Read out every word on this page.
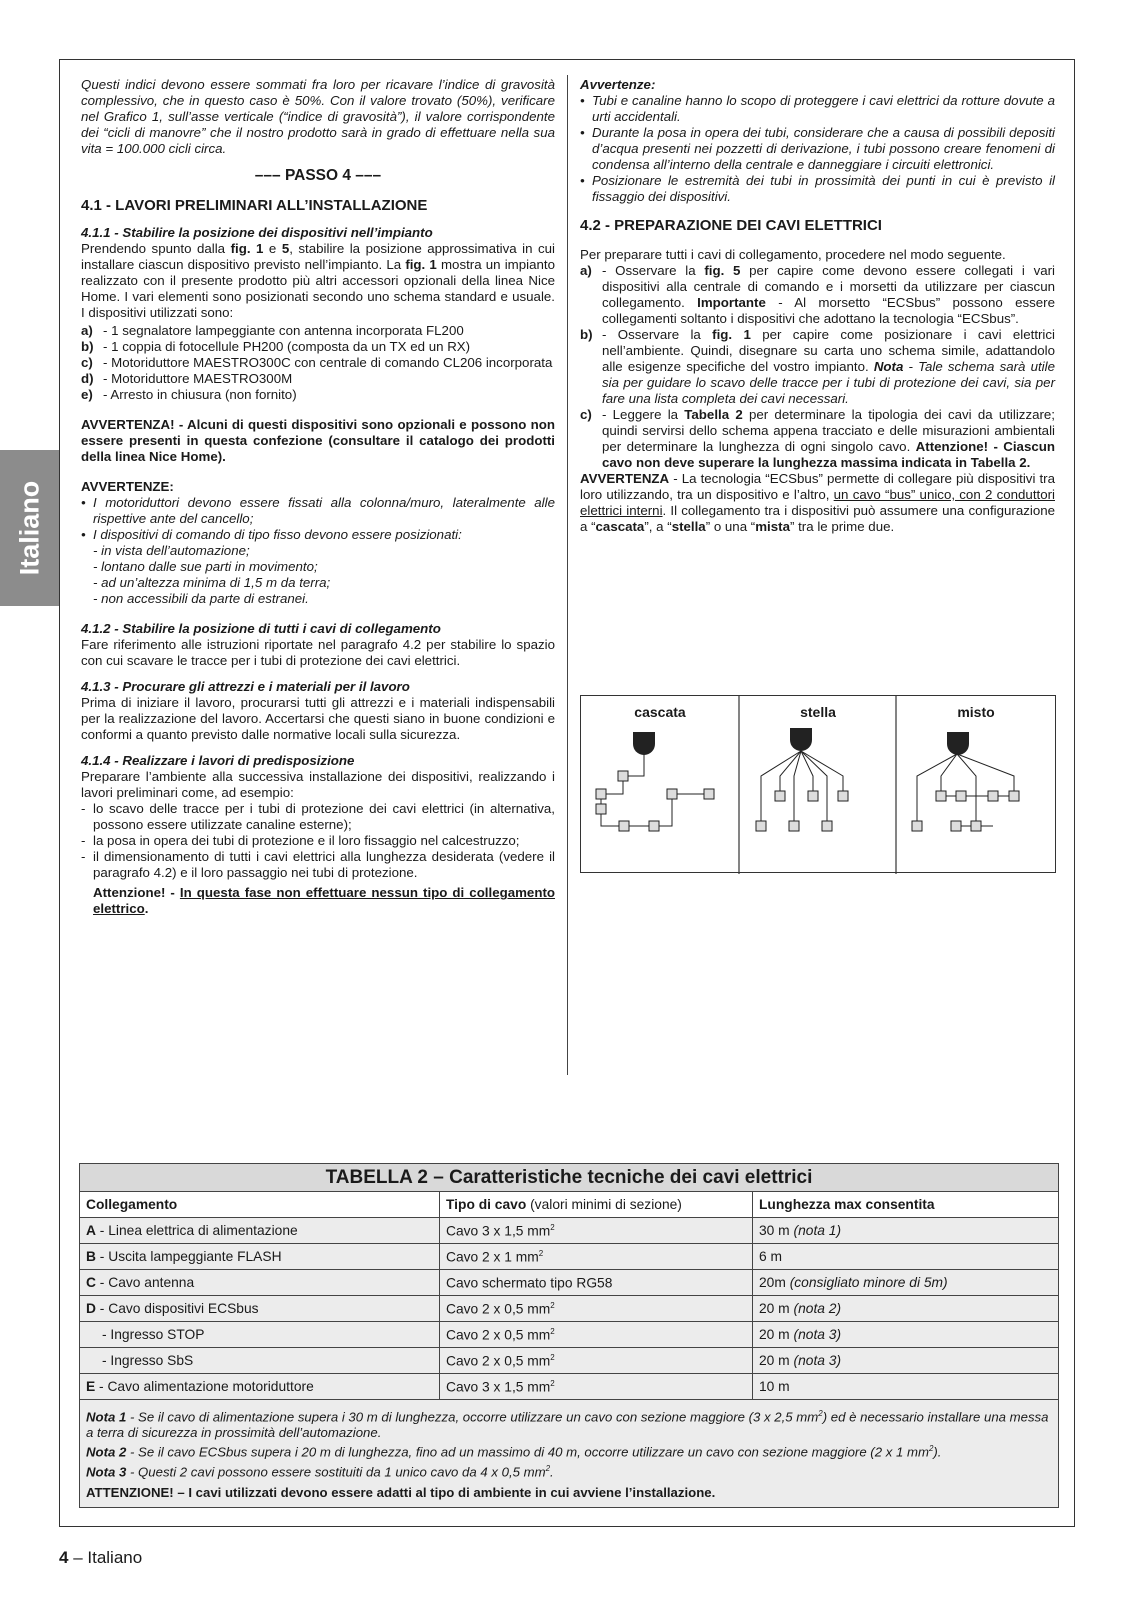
Italiano

Questi indici devono essere sommati fra loro per ricavare l’indice di gravosità complessivo, che in questo caso è 50%. Con il valore trovato (50%), verificare nel Grafico 1, sull’asse verticale (“indice di gravosità”), il valore corrispondente dei “cicli di manovre” che il nostro prodotto sarà in grado di effettuare nella sua vita = 100.000 cicli circa.

––– PASSO 4 –––

4.1 - LAVORI PRELIMINARI ALL’INSTALLAZIONE

4.1.1 - Stabilire la posizione dei dispositivi nell’impianto

Prendendo spunto dalla fig. 1 e 5, stabilire la posizione approssimativa in cui installare ciascun dispositivo previsto nell’impianto. La fig. 1 mostra un impianto realizzato con il presente prodotto più altri accessori opzionali della linea Nice Home. I vari elementi sono posizionati secondo uno schema standard e usuale. I dispositivi utilizzati sono:

a) - 1 segnalatore lampeggiante con antenna incorporata FL200
b) - 1 coppia di fotocellule PH200 (composta da un TX ed un RX)
c) - Motoriduttore MAESTRO300C con centrale di comando CL206 incorporata
d) - Motoriduttore MAESTRO300M
e) - Arresto in chiusura (non fornito)

AVVERTENZA! - Alcuni di questi dispositivi sono opzionali e possono non essere presenti in questa confezione (consultare il catalogo dei prodotti della linea Nice Home).

AVVERTENZE:

• I motoriduttori devono essere fissati alla colonna/muro, lateralmente alle rispettive ante del cancello;
• I dispositivi di comando di tipo fisso devono essere posizionati:
- in vista dell’automazione;
- lontano dalle sue parti in movimento;
- ad un’altezza minima di 1,5 m da terra;
- non accessibili da parte di estranei.

4.1.2 - Stabilire la posizione di tutti i cavi di collegamento

Fare riferimento alle istruzioni riportate nel paragrafo 4.2 per stabilire lo spazio con cui scavare le tracce per i tubi di protezione dei cavi elettrici.

4.1.3 - Procurare gli attrezzi e i materiali per il lavoro

Prima di iniziare il lavoro, procurarsi tutti gli attrezzi e i materiali indispensabili per la realizzazione del lavoro. Accertarsi che questi siano in buone condizioni e conformi a quanto previsto dalle normative locali sulla sicurezza.

4.1.4 - Realizzare i lavori di predisposizione

Preparare l’ambiente alla successiva installazione dei dispositivi, realizzando i lavori preliminari come, ad esempio:

- lo scavo delle tracce per i tubi di protezione dei cavi elettrici (in alternativa, possono essere utilizzate canaline esterne);
- la posa in opera dei tubi di protezione e il loro fissaggio nel calcestruzzo;
- il dimensionamento di tutti i cavi elettrici alla lunghezza desiderata (vedere il paragrafo 4.2) e il loro passaggio nei tubi di protezione.

Attenzione! - In questa fase non effettuare nessun tipo di collegamento elettrico.

Avvertenze:

• Tubi e canaline hanno lo scopo di proteggere i cavi elettrici da rotture dovute a urti accidentali.
• Durante la posa in opera dei tubi, considerare che a causa di possibili depositi d’acqua presenti nei pozzetti di derivazione, i tubi possono creare fenomeni di condensa all’interno della centrale e danneggiare i circuiti elettronici.
• Posizionare le estremità dei tubi in prossimità dei punti in cui è previsto il fissaggio dei dispositivi.

4.2 - PREPARAZIONE DEI CAVI ELETTRICI

Per preparare tutti i cavi di collegamento, procedere nel modo seguente.

a) - Osservare la fig. 5 per capire come devono essere collegati i vari dispositivi alla centrale di comando e i morsetti da utilizzare per ciascun collegamento. Importante - Al morsetto “ECSbus” possono essere collegamenti soltanto i dispositivi che adottano la tecnologia “ECSbus”.
b) - Osservare la fig. 1 per capire come posizionare i cavi elettrici nell’ambiente. Quindi, disegnare su carta uno schema simile, adattandolo alle esigenze specifiche del vostro impianto. Nota - Tale schema sarà utile sia per guidare lo scavo delle tracce per i tubi di protezione dei cavi, sia per fare una lista completa dei cavi necessari.
c) - Leggere la Tabella 2 per determinare la tipologia dei cavi da utilizzare; quindi servirsi dello schema appena tracciato e delle misurazioni ambientali per determinare la lunghezza di ogni singolo cavo. Attenzione! - Ciascun cavo non deve superare la lunghezza massima indicata in Tabella 2.

AVVERTENZA - La tecnologia “ECSbus” permette di collegare più dispositivi tra loro utilizzando, tra un dispositivo e l’altro, un cavo “bus” unico, con 2 conduttori elettrici interni. Il collegamento tra i dispositivi può assumere una configurazione a “cascata”, a “stella” o una “mista” tra le prime due.

cascata	stella	misto
TABELLA 2 – Caratteristiche tecniche dei cavi elettrici		
Collegamento	Tipo di cavo (valori minimi di sezione)	Lunghezza max consentita
A - Linea elettrica di alimentazione	Cavo 3 x 1,5 $mm^2$	30 m (nota 1)
B - Uscita lampeggiante FLASH	Cavo 2 x 1 $mm^2$	6 m
C - Cavo antenna	Cavo schermato tipo RG58	20m (consigliato minore di 5m)
D - Cavo dispositivi ECSbus	Cavo 2 x 0,5 $mm^2$	20 m (nota 2)
- Ingresso STOP	Cavo 2 x 0,5 $mm^2$	20 m (nota 3)
- Ingresso SbS	Cavo 2 x 0,5 $mm^2$	20 m (nota 3)
E - Cavo alimentazione motoriduttore	Cavo 3 x 1,5 $mm^2$	10 m

Nota 1 - Se il cavo di alimentazione supera i 30 m di lunghezza, occorre utilizzare un cavo con sezione maggiore (3 x 2,5 $mm^2$) ed è necessario installare una messa a terra di sicurezza in prossimità dell’automazione.
Nota 2 - Se il cavo ECSbus supera i 20 m di lunghezza, fino ad un massimo di 40 m, occorre utilizzare un cavo con sezione maggiore (2 x 1 $mm^2$).
Nota 3 - Questi 2 cavi possono essere sostituiti da 1 unico cavo da 4 x 0,5 $mm^2$.
ATTENZIONE! – I cavi utilizzati devono essere adatti al tipo di ambiente in cui avviene l’installazione.		
4 – Italiano
